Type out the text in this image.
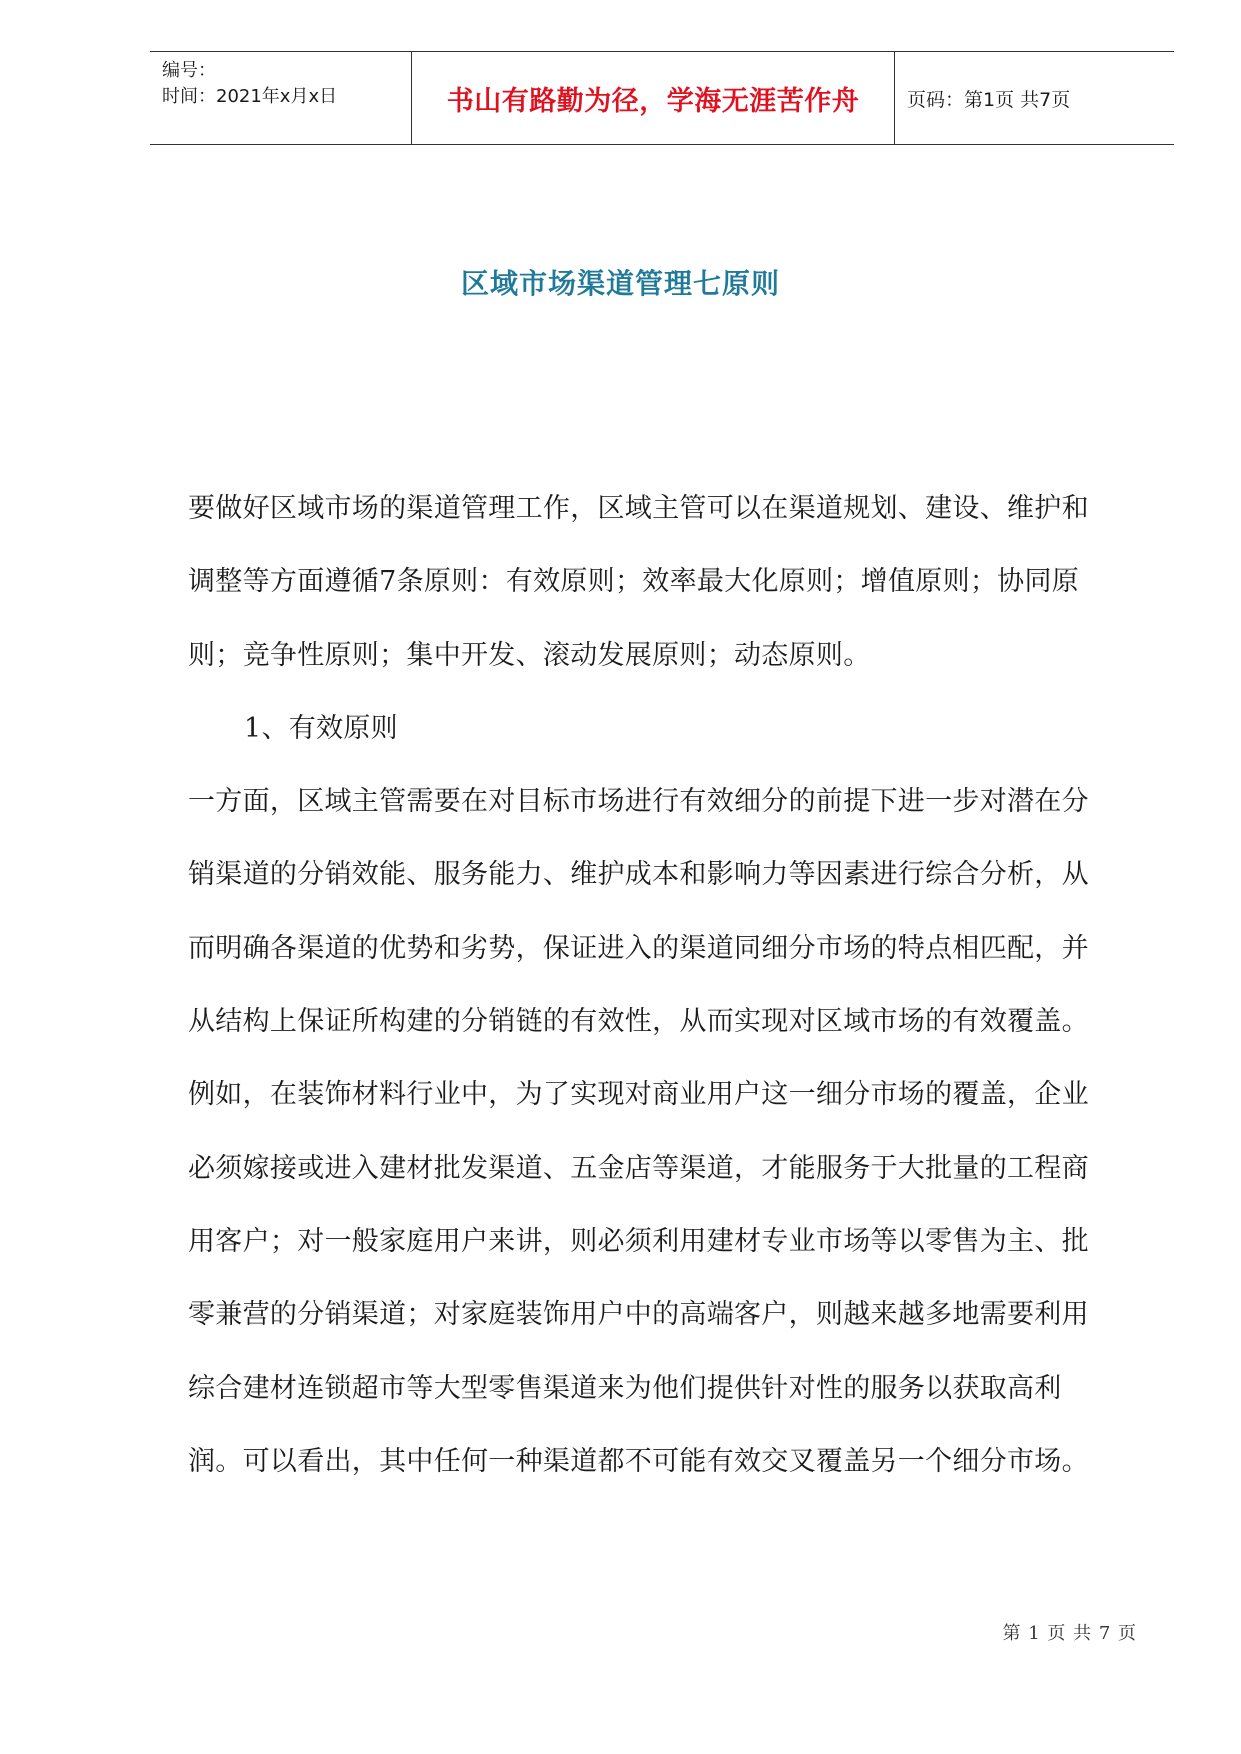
编号：
时间：2021年x月x日	书山有路勤为径，学海无涯苦作舟	页码：第1页 共7页
区域市场渠道管理七原则
要做好区域市场的渠道管理工作，区域主管可以在渠道规划、建设、维护和
调整等方面遵循7条原则：有效原则；效率最大化原则；增值原则；协同原
则；竞争性原则；集中开发、滚动发展原则；动态原则。
1、有效原则
一方面，区域主管需要在对目标市场进行有效细分的前提下进一步对潜在分
销渠道的分销效能、服务能力、维护成本和影响力等因素进行综合分析，从
而明确各渠道的优势和劣势，保证进入的渠道同细分市场的特点相匹配，并
从结构上保证所构建的分销链的有效性，从而实现对区域市场的有效覆盖。
例如，在装饰材料行业中，为了实现对商业用户这一细分市场的覆盖，企业
必须嫁接或进入建材批发渠道、五金店等渠道，才能服务于大批量的工程商
用客户；对一般家庭用户来讲，则必须利用建材专业市场等以零售为主、批
零兼营的分销渠道；对家庭装饰用户中的高端客户，则越来越多地需要利用
综合建材连锁超市等大型零售渠道来为他们提供针对性的服务以获取高利
润。可以看出，其中任何一种渠道都不可能有效交叉覆盖另一个细分市场。
第 1 页 共 7 页
